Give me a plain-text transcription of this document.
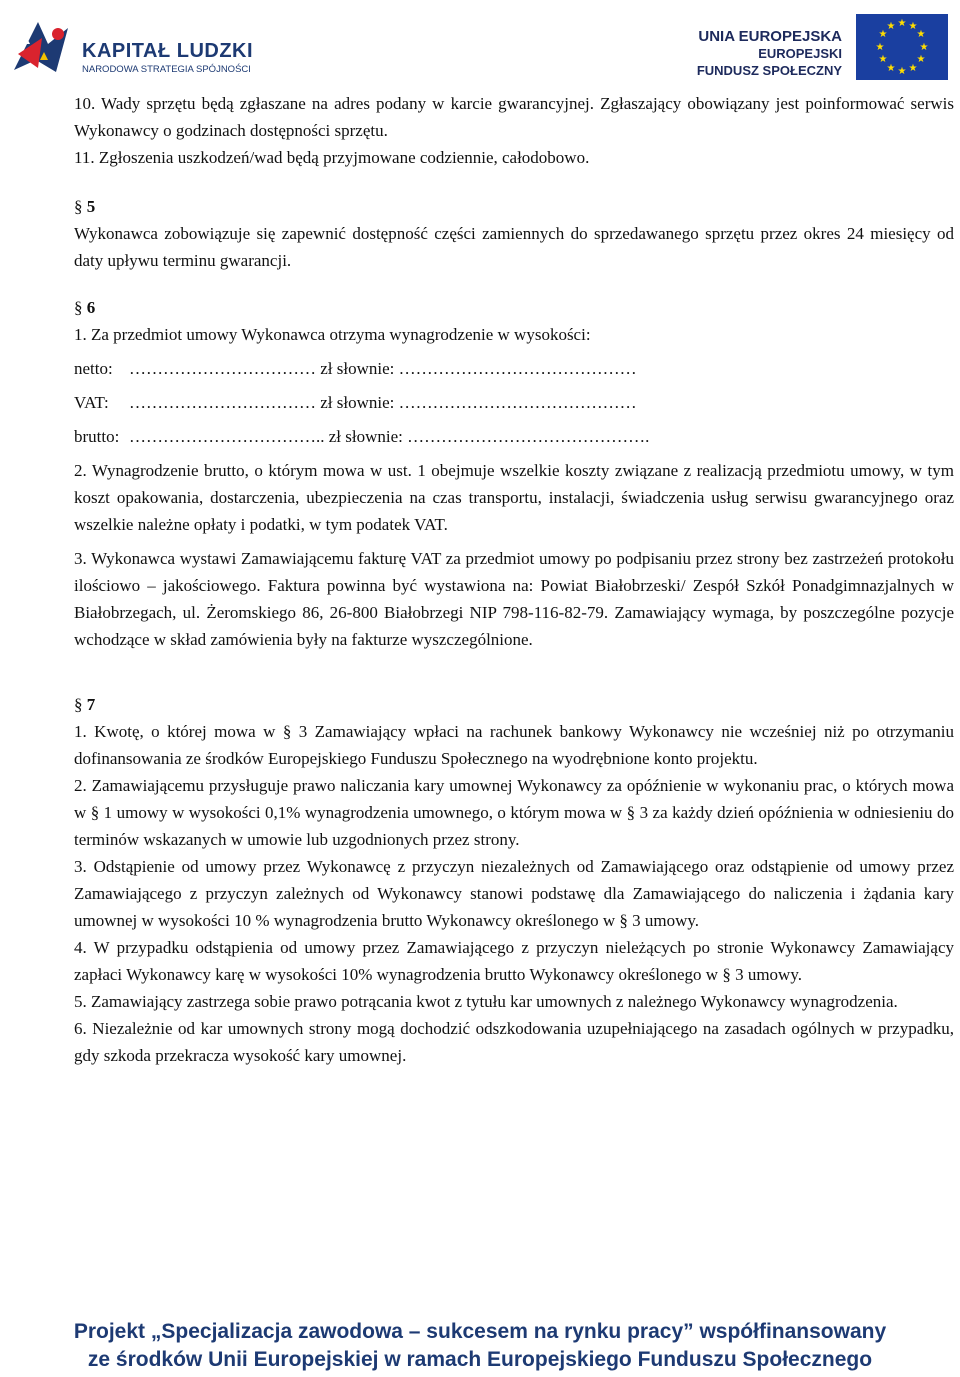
KAPITAŁ LUDZKI
NARODOWA STRATEGIA SPÓJNOŚCI
UNIA EUROPEJSKA
EUROPEJSKI
FUNDUSZ SPOŁECZNY
★ ★
★
★
★
★
★
★
★
★
★
★

10. Wady sprzętu będą zgłaszane na adres podany w karcie gwarancyjnej. Zgłaszający obowiązany jest poinformować serwis Wykonawcy o godzinach dostępności sprzętu.

11. Zgłoszenia uszkodzeń/wad będą przyjmowane codziennie, całodobowo.

§ 5

Wykonawca zobowiązuje się zapewnić dostępność części zamiennych do sprzedawanego sprzętu przez okres 24 miesięcy od daty upływu terminu gwarancji.

§ 6

1. Za przedmiot umowy Wykonawca otrzyma wynagrodzenie w wysokości:

netto: …………………………… zł słownie: ……………………………………
VAT:	…………………………… zł słownie: ……………………………………
brutto: …………………………….. zł słownie: …………………………………….

2. Wynagrodzenie brutto, o którym mowa w ust. 1 obejmuje wszelkie koszty związane z realizacją przedmiotu umowy, w tym koszt opakowania, dostarczenia, ubezpieczenia na czas transportu, instalacji, świadczenia usług serwisu gwarancyjnego oraz wszelkie należne opłaty i podatki, w tym podatek VAT.

3. Wykonawca wystawi Zamawiającemu fakturę VAT za przedmiot umowy po podpisaniu przez strony bez zastrzeżeń protokołu ilościowo – jakościowego. Faktura powinna być wystawiona na: Powiat Białobrzeski/ Zespół Szkół Ponadgimnazjalnych w Białobrzegach, ul. Żeromskiego 86, 26-800 Białobrzegi NIP 798-116-82-79. Zamawiający wymaga, by poszczególne pozycje wchodzące w skład zamówienia były na fakturze wyszczególnione.

§ 7

1. Kwotę, o której mowa w § 3 Zamawiający wpłaci na rachunek bankowy Wykonawcy nie wcześniej niż po otrzymaniu dofinansowania ze środków Europejskiego Funduszu Społecznego na wyodrębnione konto projektu.

2. Zamawiającemu przysługuje prawo naliczania kary umownej Wykonawcy za opóźnienie w wykonaniu prac, o których mowa w § 1 umowy w wysokości 0,1% wynagrodzenia umownego, o którym mowa w § 3 za każdy dzień opóźnienia w odniesieniu do terminów wskazanych w umowie lub uzgodnionych przez strony.

3. Odstąpienie od umowy przez Wykonawcę z przyczyn niezależnych od Zamawiającego oraz odstąpienie od umowy przez Zamawiającego z przyczyn zależnych od Wykonawcy stanowi podstawę dla Zamawiającego do naliczenia i żądania kary umownej w wysokości 10 % wynagrodzenia brutto Wykonawcy określonego w § 3 umowy.

4. W przypadku odstąpienia od umowy przez Zamawiającego z przyczyn nieleżących po stronie Wykonawcy Zamawiający zapłaci Wykonawcy karę w wysokości 10% wynagrodzenia brutto Wykonawcy określonego w § 3 umowy.

5. Zamawiający zastrzega sobie prawo potrącania kwot z tytułu kar umownych z należnego Wykonawcy wynagrodzenia.

6. Niezależnie od kar umownych strony mogą dochodzić odszkodowania uzupełniającego na zasadach ogólnych w przypadku, gdy szkoda przekracza wysokość kary umownej.

Projekt „Specjalizacja zawodowa – sukcesem na rynku pracy” współfinansowany
ze środków Unii Europejskiej w ramach Europejskiego Funduszu Społecznego
